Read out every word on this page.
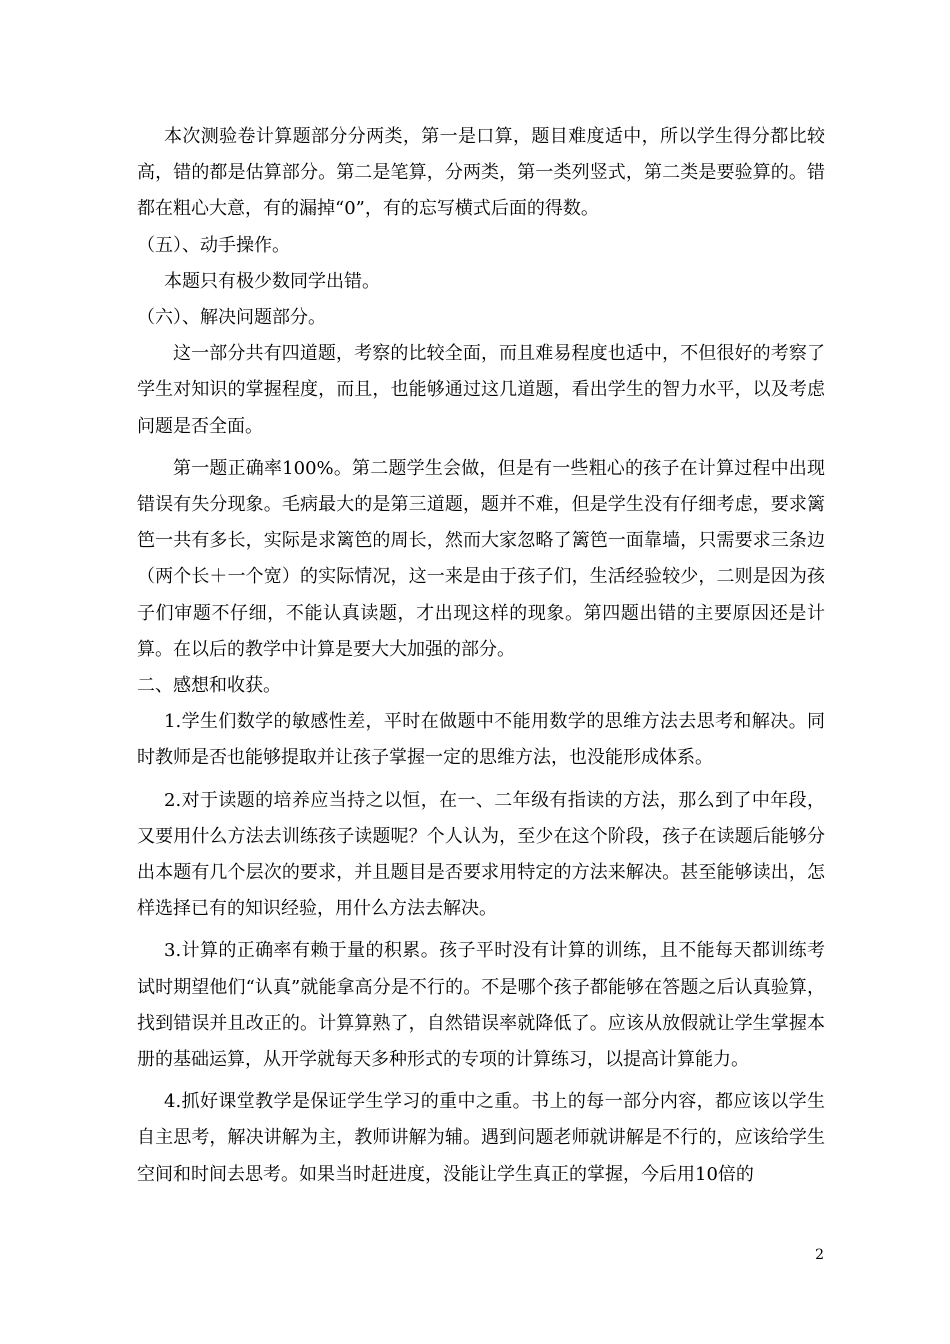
本次测验卷计算题部分分两类，第一是口算，题目难度适中，所以学生得分都比较高，错的都是估算部分。第二是笔算，分两类，第一类列竖式，第二类是要验算的。错都在粗心大意，有的漏掉“0”，有的忘写横式后面的得数。

（五）、动手操作。

本题只有极少数同学出错。

（六）、解决问题部分。

这一部分共有四道题，考察的比较全面，而且难易程度也适中，不但很好的考察了学生对知识的掌握程度，而且，也能够通过这几道题，看出学生的智力水平，以及考虑问题是否全面。

第一题正确率100%。第二题学生会做，但是有一些粗心的孩子在计算过程中出现错误有失分现象。毛病最大的是第三道题，题并不难，但是学生没有仔细考虑，要求篱笆一共有多长，实际是求篱笆的周长，然而大家忽略了篱笆一面靠墙，只需要求三条边（两个长＋一个宽）的实际情况，这一来是由于孩子们，生活经验较少，二则是因为孩子们审题不仔细，不能认真读题，才出现这样的现象。第四题出错的主要原因还是计算。在以后的教学中计算是要大大加强的部分。

二、感想和收获。

1.学生们数学的敏感性差，平时在做题中不能用数学的思维方法去思考和解决。同时教师是否也能够提取并让孩子掌握一定的思维方法，也没能形成体系。

2.对于读题的培养应当持之以恒，在一、二年级有指读的方法，那么到了中年段，又要用什么方法去训练孩子读题呢？个人认为，至少在这个阶段，孩子在读题后能够分出本题有几个层次的要求，并且题目是否要求用特定的方法来解决。甚至能够读出，怎样选择已有的知识经验，用什么方法去解决。

3.计算的正确率有赖于量的积累。孩子平时没有计算的训练，且不能每天都训练考试时期望他们“认真”就能拿高分是不行的。不是哪个孩子都能够在答题之后认真验算，找到错误并且改正的。计算算熟了，自然错误率就降低了。应该从放假就让学生掌握本册的基础运算，从开学就每天多种形式的专项的计算练习，以提高计算能力。

4.抓好课堂教学是保证学生学习的重中之重。书上的每一部分内容，都应该以学生自主思考，解决讲解为主，教师讲解为辅。遇到问题老师就讲解是不行的，应该给学生空间和时间去思考。如果当时赶进度，没能让学生真正的掌握，今后用10倍的

2
